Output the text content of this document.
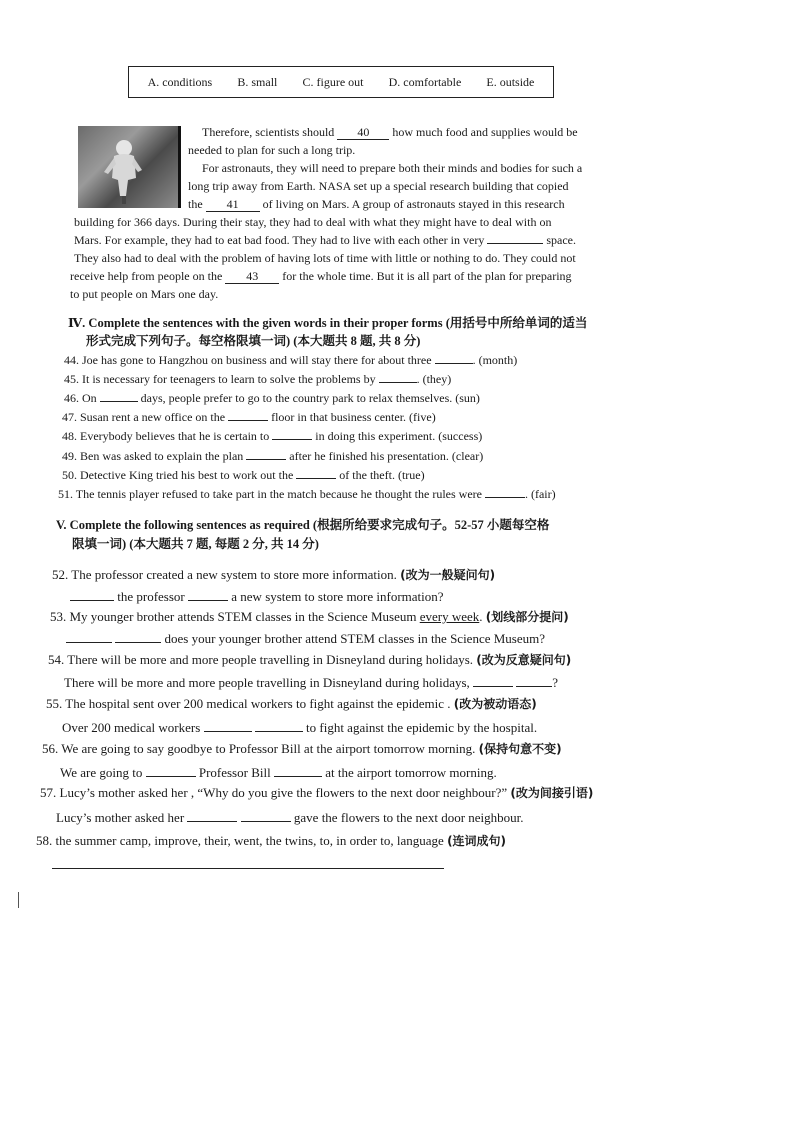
A. conditions B. small C. figure out D. comfortable E. outside
Therefore, scientists should 40 how much food and supplies would be
needed to plan for such a long trip.
For astronauts, they will need to prepare both their minds and bodies for such a
long trip away from Earth. NASA set up a special research building that copied
the 41 of living on Mars. A group of astronauts stayed in this research
building for 366 days. During their stay, they had to deal with what they might have to deal with on
Mars. For example, they had to eat bad food. They had to live with each other in very	space.
They also had to deal with the problem of having lots of time with little or nothing to do. They could not
receive help from people on the 43 for the whole time. But it is all part of the plan for preparing
to put people on Mars one day.
Ⅳ. Complete the sentences with the given words in their proper forms (用括号中所给单词的适当
形式完成下列句子。每空格限填一词) (本大题共 8 题, 共 8 分)
44. Joe has gone to Hangzhou on business and will stay there for about three	. (month)
45. It is necessary for teenagers to learn to solve the problems by	. (they)
46. On	days, people prefer to go to the country park to relax themselves. (sun)
47. Susan rent a new office on the	floor in that business center. (five)
48. Everybody believes that he is certain to	in doing this experiment. (success)
49. Ben was asked to explain the plan	after he finished his presentation. (clear)
50. Detective King tried his best to work out the	of the theft. (true)
51. The tennis player refused to take part in the match because he thought the rules were	. (fair)
V. Complete the following sentences as required (根据所给要求完成句子。52-57 小题每空格
限填一词) (本大题共 7 题, 每题 2 分, 共 14 分)
52. The professor created a new system to store more information. (改为一般疑问句)
the professor	a new system to store more information?
53. My younger brother attends STEM classes in the Science Museum every week. (划线部分提问)
does your younger brother attend STEM classes in the Science Museum?
54. There will be more and more people travelling in Disneyland during holidays. (改为反意疑问句)
There will be more and more people travelling in Disneyland during holidays,	?
55. The hospital sent over 200 medical workers to fight against the epidemic . (改为被动语态)
Over 200 medical workers	to fight against the epidemic by the hospital.
56. We are going to say goodbye to Professor Bill at the airport tomorrow morning. (保持句意不变)
We are going to	Professor Bill	at the airport tomorrow morning.
57. Lucy’s mother asked her , “Why do you give the flowers to the next door neighbour?” (改为间接引语)
Lucy’s mother asked her	gave the flowers to the next door neighbour.
58. the summer camp, improve, their, went, the twins, to, in order to, language (连词成句)
